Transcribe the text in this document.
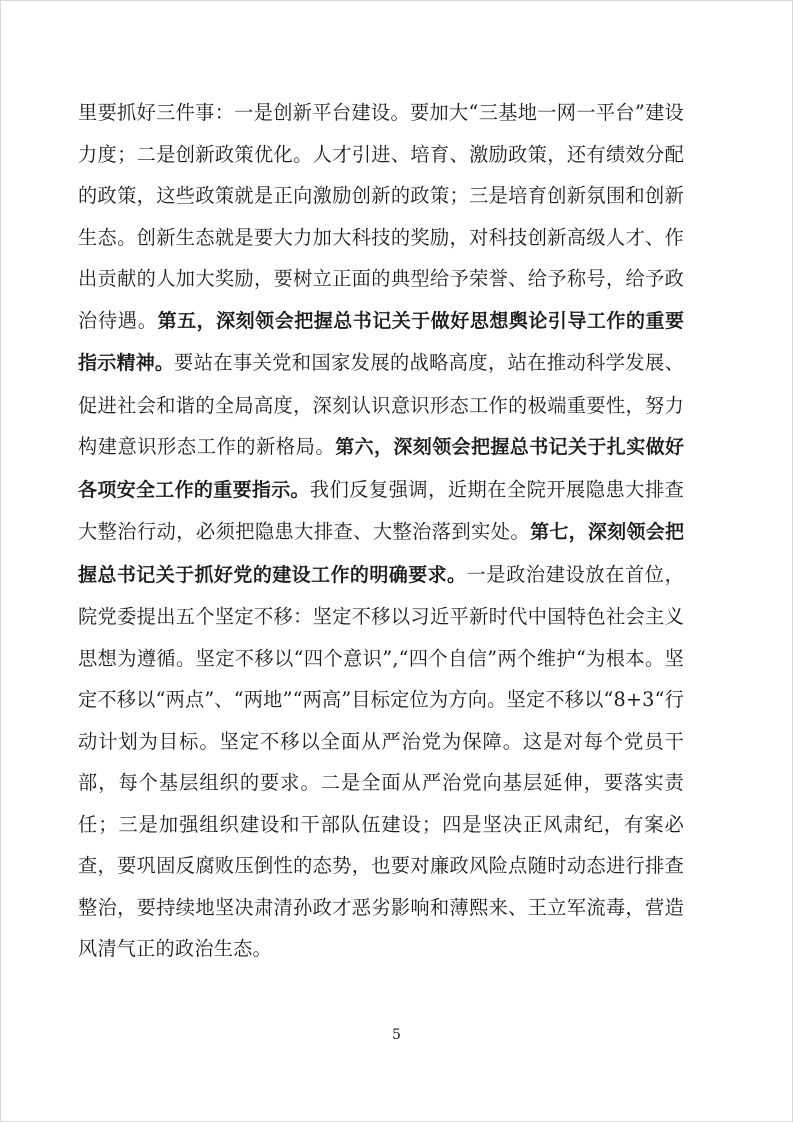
里要抓好三件事：一是创新平台建设。要加大“三基地一网一平台”建设力度；二是创新政策优化。人才引进、培育、激励政策，还有绩效分配的政策，这些政策就是正向激励创新的政策；三是培育创新氛围和创新生态。创新生态就是要大力加大科技的奖励，对科技创新高级人才、作出贡献的人加大奖励，要树立正面的典型给予荣誉、给予称号，给予政治待遇。第五，深刻领会把握总书记关于做好思想舆论引导工作的重要指示精神。要站在事关党和国家发展的战略高度，站在推动科学发展、促进社会和谐的全局高度，深刻认识意识形态工作的极端重要性，努力构建意识形态工作的新格局。第六，深刻领会把握总书记关于扎实做好各项安全工作的重要指示。我们反复强调，近期在全院开展隐患大排查大整治行动，必须把隐患大排查、大整治落到实处。第七，深刻领会把握总书记关于抓好党的建设工作的明确要求。一是政治建设放在首位，院党委提出五个坚定不移：坚定不移以习近平新时代中国特色社会主义思想为遵循。坚定不移以“四个意识”,“四个自信”两个维护“为根本。坚定不移以“两点”、“两地”“两高”目标定位为方向。坚定不移以“8+3“行动计划为目标。坚定不移以全面从严治党为保障。这是对每个党员干部，每个基层组织的要求。二是全面从严治党向基层延伸，要落实责任；三是加强组织建设和干部队伍建设；四是坚决正风肃纪，有案必查，要巩固反腐败压倒性的态势，也要对廉政风险点随时动态进行排查整治，要持续地坚决肃清孙政才恶劣影响和薄熙来、王立军流毒，营造风清气正的政治生态。

5
